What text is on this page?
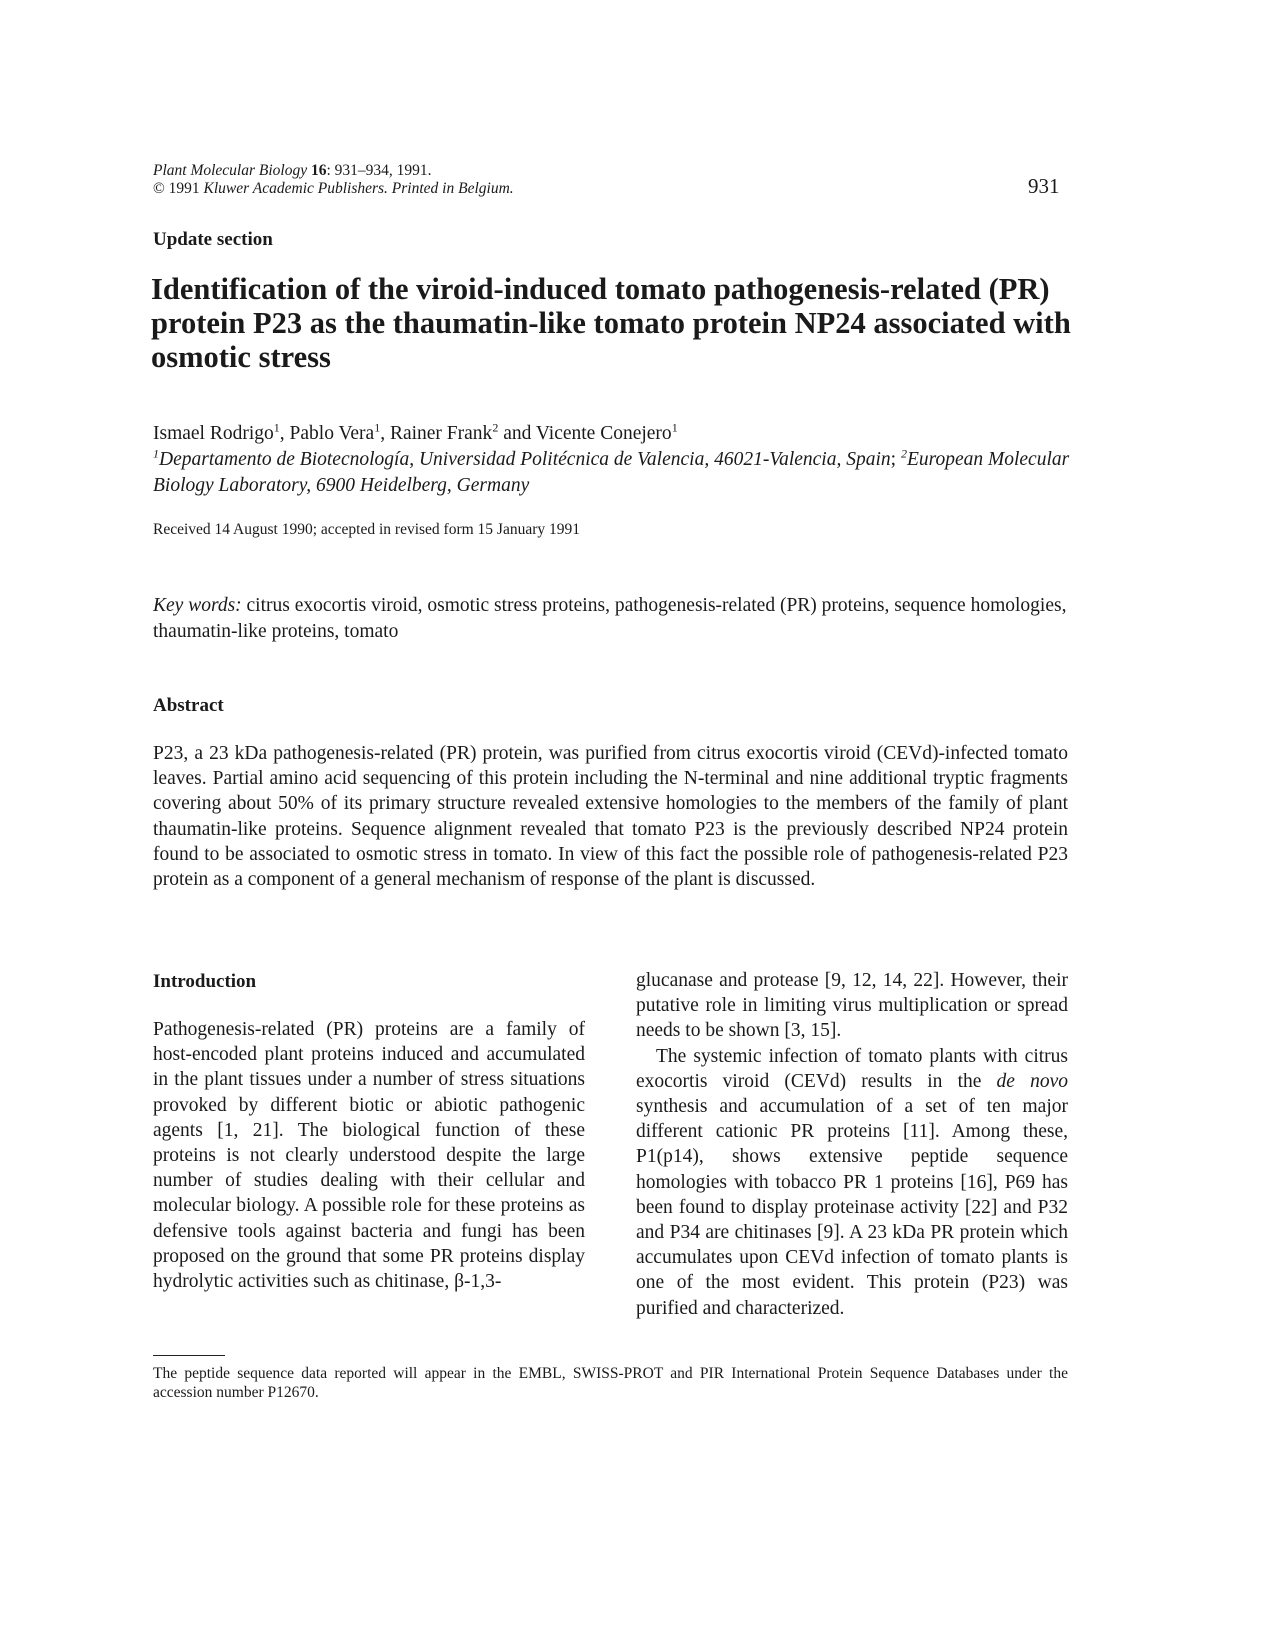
Plant Molecular Biology 16: 931–934, 1991.
© 1991 Kluwer Academic Publishers. Printed in Belgium.	931
Update section
Identification of the viroid-induced tomato pathogenesis-related (PR) protein P23 as the thaumatin-like tomato protein NP24 associated with osmotic stress
Ismael Rodrigo$^1$, Pablo Vera$^1$, Rainer Frank$^2$ and Vicente Conejero$^1$
$^1$Departamento de Biotecnología, Universidad Politécnica de Valencia, 46021-Valencia, Spain; $^2$European Molecular Biology Laboratory, 6900 Heidelberg, Germany
Received 14 August 1990; accepted in revised form 15 January 1991
Key words: citrus exocortis viroid, osmotic stress proteins, pathogenesis-related (PR) proteins, sequence homologies, thaumatin-like proteins, tomato
Abstract
P23, a 23 kDa pathogenesis-related (PR) protein, was purified from citrus exocortis viroid (CEVd)-infected tomato leaves. Partial amino acid sequencing of this protein including the N-terminal and nine additional tryptic fragments covering about 50% of its primary structure revealed extensive homologies to the members of the family of plant thaumatin-like proteins. Sequence alignment revealed that tomato P23 is the previously described NP24 protein found to be associated to osmotic stress in tomato. In view of this fact the possible role of pathogenesis-related P23 protein as a component of a general mechanism of response of the plant is discussed.
Introduction

Pathogenesis-related (PR) proteins are a family of host-encoded plant proteins induced and accumulated in the plant tissues under a number of stress situations provoked by different biotic or abiotic pathogenic agents [1, 21]. The biological function of these proteins is not clearly understood despite the large number of studies dealing with their cellular and molecular biology. A possible role for these proteins as defensive tools against bacteria and fungi has been proposed on the ground that some PR proteins display hydrolytic activities such as chitinase, β-1,3-

glucanase and protease [9, 12, 14, 22]. However, their putative role in limiting virus multiplication or spread needs to be shown [3, 15].

The systemic infection of tomato plants with citrus exocortis viroid (CEVd) results in the de novo synthesis and accumulation of a set of ten major different cationic PR proteins [11]. Among these, P1(p14), shows extensive peptide sequence homologies with tobacco PR 1 proteins [16], P69 has been found to display proteinase activity [22] and P32 and P34 are chitinases [9]. A 23 kDa PR protein which accumulates upon CEVd infection of tomato plants is one of the most evident. This protein (P23) was purified and characterized.

The peptide sequence data reported will appear in the EMBL, SWISS-PROT and PIR International Protein Sequence Databases under the accession number P12670.
